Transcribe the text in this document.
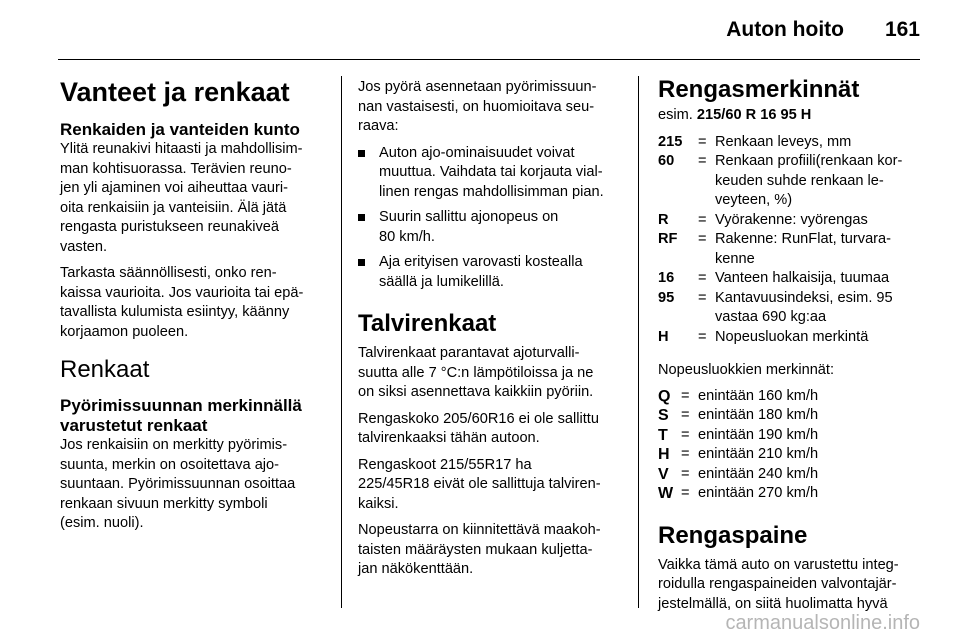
Auton hoito 161
Vanteet ja renkaat
Renkaiden ja vanteiden kunto

Ylitä reunakivi hitaasti ja mahdollisim-
man kohtisuorassa. Terävien reuno-
jen yli ajaminen voi aiheuttaa vauri-
oita renkaisiin ja vanteisiin. Älä jätä
rengasta puristukseen reunakiveä
vasten.

Tarkasta säännöllisesti, onko ren-
kaissa vaurioita. Jos vaurioita tai epä-
tavallista kulumista esiintyy, käänny
korjaamon puoleen.

Renkaat
Pyörimissuunnan merkinnällä
varustetut renkaat

Jos renkaisiin on merkitty pyörimis-
suunta, merkin on osoitettava ajo-
suuntaan. Pyörimissuunnan osoittaa
renkaan sivuun merkitty symboli
(esim. nuoli).

Jos pyörä asennetaan pyörimissuun-
nan vastaisesti, on huomioitava seu-
raava:

Auton ajo-ominaisuudet voivat
muuttua. Vaihdata tai korjauta vial-
linen rengas mahdollisimman pian.
Suurin sallittu ajonopeus on
80 km/h.
Aja erityisen varovasti kostealla
säällä ja lumikelillä.
Talvirenkaat

Talvirenkaat parantavat ajoturvalli-
suutta alle 7 °C:n lämpötiloissa ja ne
on siksi asennettava kaikkiin pyöriin.

Rengaskoko 205/60R16 ei ole sallittu
talvirenkaaksi tähän autoon.

Rengaskoot 215/55R17 ha
225/45R18 eivät ole sallittuja talviren-
kaiksi.

Nopeustarra on kiinnitettävä maakoh-
taisten määräysten mukaan kuljetta-
jan näkökenttään.

Rengasmerkinnät

esim. 215/60 R 16 95 H

215	= Renkaan leveys, mm
60	= Renkaan profiili(renkaan kor-
keuden suhde renkaan le-
veyteen, %)
R	= Vyörakenne: vyörengas
RF	= Rakenne: RunFlat, turvara-
kenne
16	= Vanteen halkaisija, tuumaa
95	= Kantavuusindeksi, esim. 95
vastaa 690 kg:aa
H	= Nopeusluokan merkintä

Nopeusluokkien merkinnät:

Q = enintään 160 km/h
S = enintään 180 km/h
T = enintään 190 km/h
H = enintään 210 km/h
V = enintään 240 km/h
W = enintään 270 km/h
Rengaspaine

Vaikka tämä auto on varustettu integ-
roidulla rengaspaineiden valvontajär-
jestelmällä, on siitä huolimatta hyvä

carmanualsonline.info
